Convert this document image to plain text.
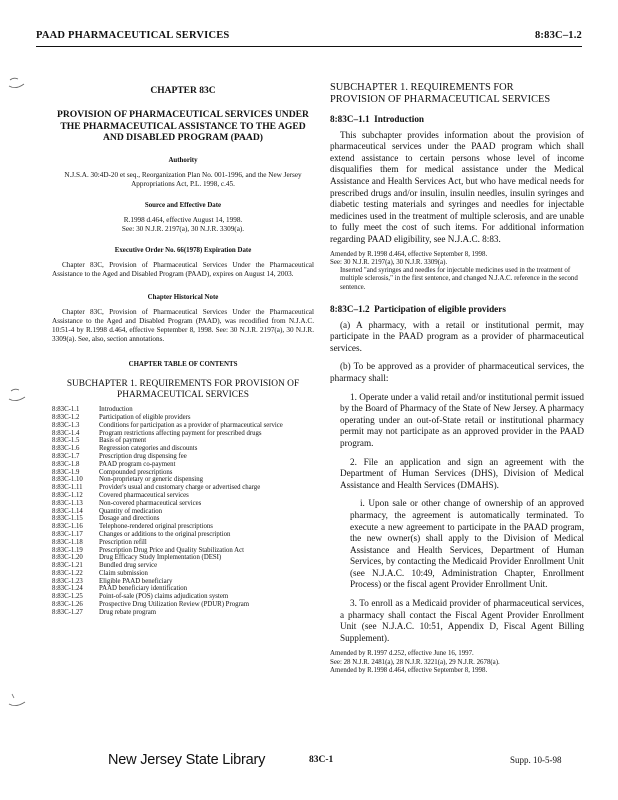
PAAD PHARMACEUTICAL SERVICES	8:83C–1.2

CHAPTER 83C

PROVISION OF PHARMACEUTICAL SERVICES UNDER THE PHARMACEUTICAL ASSISTANCE TO THE AGED AND DISABLED PROGRAM (PAAD)

Authority

N.J.S.A. 30:4D-20 et seq., Reorganization Plan No. 001-1996, and the New Jersey Appropriations Act, P.L. 1998, c.45.

Source and Effective Date

R.1998 d.464, effective August 14, 1998.

See: 30 N.J.R. 2197(a), 30 N.J.R. 3309(a).

Executive Order No. 66(1978) Expiration Date

Chapter 83C, Provision of Pharmaceutical Services Under the Pharmaceutical Assistance to the Aged and Disabled Program (PAAD), expires on August 14, 2003.

Chapter Historical Note

Chapter 83C, Provision of Pharmaceutical Services Under the Pharmaceutical Assistance to the Aged and Disabled Program (PAAD), was recodified from N.J.A.C. 10:51-4 by R.1998 d.464, effective September 8, 1998. See: 30 N.J.R. 2197(a), 30 N.J.R. 3309(a). See, also, section annotations.

CHAPTER TABLE OF CONTENTS

SUBCHAPTER 1. REQUIREMENTS FOR PROVISION OF PHARMACEUTICAL SERVICES

8:83C-1.1	Introduction
8:83C-1.2	Participation of eligible providers
8:83C-1.3	Conditions for participation as a provider of pharmaceutical service
8:83C-1.4	Program restrictions affecting payment for prescribed drugs
8:83C-1.5	Basis of payment
8:83C-1.6	Regression categories and discounts
8:83C-1.7	Prescription drug dispensing fee
8:83C-1.8	PAAD program co-payment
8:83C-1.9	Compounded prescriptions
8:83C-1.10	Non-proprietary or generic dispensing
8:83C-1.11	Provider's usual and customary charge or advertised charge
8:83C-1.12	Covered pharmaceutical services
8:83C-1.13	Non-covered pharmaceutical services
8:83C-1.14	Quantity of medication
8:83C-1.15	Dosage and directions
8:83C-1.16	Telephone-rendered original prescriptions
8:83C-1.17	Changes or additions to the original prescription
8:83C-1.18	Prescription refill
8:83C-1.19	Prescription Drug Price and Quality Stabilization Act
8:83C-1.20	Drug Efficacy Study Implementation (DESI)
8:83C-1.21	Bundled drug service
8:83C-1.22	Claim submission
8:83C-1.23	Eligible PAAD beneficiary
8:83C-1.24	PAAD beneficiary identification
8:83C-1.25	Point-of-sale (POS) claims adjudication system
8:83C-1.26	Prospective Drug Utilization Review (PDUR) Program
8:83C-1.27	Drug rebate program

SUBCHAPTER 1. REQUIREMENTS FOR PROVISION OF PHARMACEUTICAL SERVICES

8:83C–1.1 Introduction

This subchapter provides information about the provision of pharmaceutical services under the PAAD program which shall extend assistance to certain persons whose level of income disqualifies them for medical assistance under the Medical Assistance and Health Services Act, but who have medical needs for prescribed drugs and/or insulin, insulin needles, insulin syringes and diabetic testing materials and syringes and needles for injectable medicines used in the treatment of multiple sclerosis, and are unable to fully meet the cost of such items. For additional information regarding PAAD eligibility, see N.J.A.C. 8:83.

Amended by R.1998 d.464, effective September 8, 1998.
See: 30 N.J.R. 2197(a), 30 N.J.R. 3309(a).
Inserted "and syringes and needles for injectable medicines used in the treatment of multiple sclerosis," in the first sentence, and changed N.J.A.C. reference in the second sentence.

8:83C–1.2 Participation of eligible providers

(a) A pharmacy, with a retail or institutional permit, may participate in the PAAD program as a provider of pharmaceutical services.

(b) To be approved as a provider of pharmaceutical services, the pharmacy shall:

1. Operate under a valid retail and/or institutional permit issued by the Board of Pharmacy of the State of New Jersey. A pharmacy operating under an out-of-State retail or institutional pharmacy permit may not participate as an approved provider in the PAAD program.

2. File an application and sign an agreement with the Department of Human Services (DHS), Division of Medical Assistance and Health Services (DMAHS).

i. Upon sale or other change of ownership of an approved pharmacy, the agreement is automatically terminated. To execute a new agreement to participate in the PAAD program, the new owner(s) shall apply to the Division of Medical Assistance and Health Services, Department of Human Services, by contacting the Medicaid Provider Enrollment Unit (see N.J.A.C. 10:49, Administration Chapter, Enrollment Process) or the fiscal agent Provider Enrollment Unit.

3. To enroll as a Medicaid provider of pharmaceutical services, a pharmacy shall contact the Fiscal Agent Provider Enrollment Unit (see N.J.A.C. 10:51, Appendix D, Fiscal Agent Billing Supplement).

Amended by R.1997 d.252, effective June 16, 1997.
See: 28 N.J.R. 2481(a), 28 N.J.R. 3221(a), 29 N.J.R. 2678(a).
Amended by R.1998 d.464, effective September 8, 1998.
New Jersey State Library	83C-1	Supp. 10-5-98
